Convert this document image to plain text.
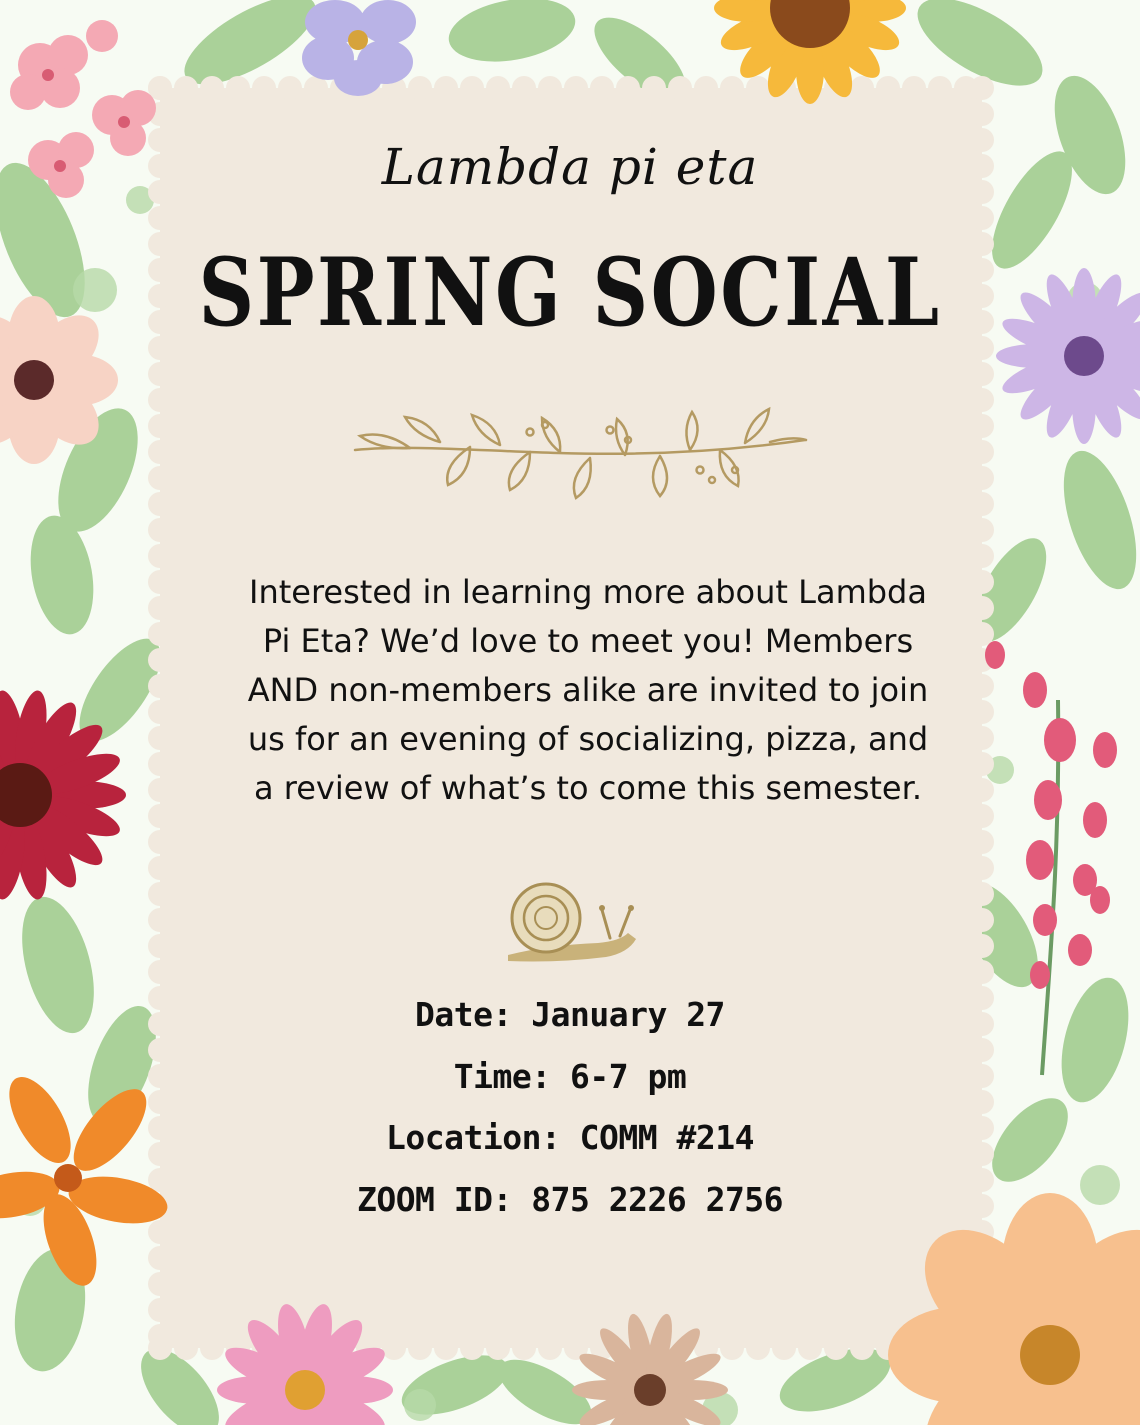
Lambda pi eta
SPRING SOCIAL
Interested in learning more about Lambda Pi Eta? We’d love to meet you! Members AND non-members alike are invited to join us for an evening of socializing, pizza, and a review of what’s to come this semester.
Date: January 27
Time: 6-7 pm
Location: COMM #214
ZOOM ID: 875 2226 2756
